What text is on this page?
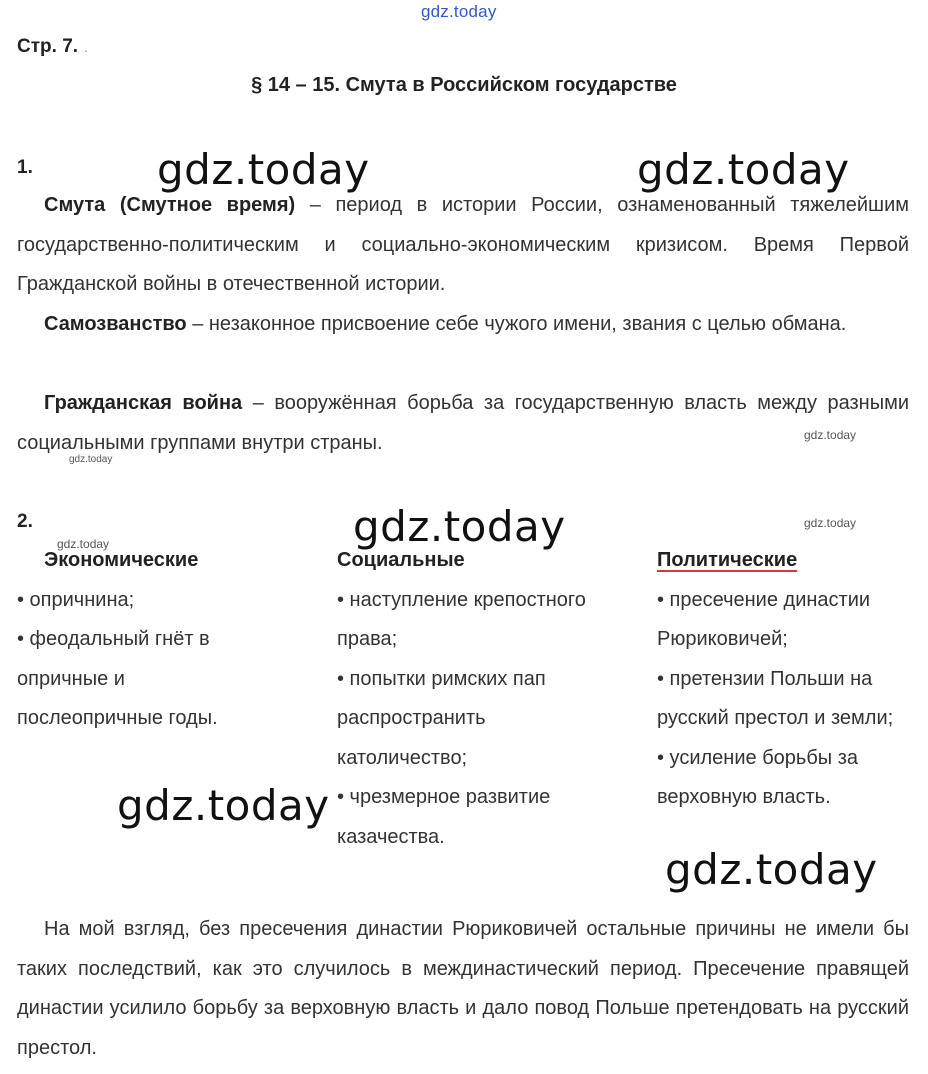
gdz.today
Стр. 7. .
§ 14 – 15. Смута в Российском государстве
1.	gdz.today	gdz.today

Смута (Смутное время) – период в истории России, ознаменованный тяжелейшим государственно-политическим и социально-экономическим кризисом. Время Первой Гражданской войны в отечественной истории.

Самозванство – незаконное присвоение себе чужого имени, звания с целью обмана.

Гражданская война – вооружённая борьба за государственную власть между разными социальными группами внутри страны.	gdz.today
gdz.today
2.	gdz.today	gdz.today
gdz.today
Экономические
• опричнина;
• феодальный гнёт в опричные и послеопричные годы.
Социальные
• наступление крепостного права;
• попытки римских пап распространить католичество;
• чрезмерное развитие казачества.
Политические
• пресечение династии Рюриковичей;
• претензии Польши на русский престол и земли;
• усиление борьбы за верховную власть.
gdz.today
gdz.today

На мой взгляд, без пресечения династии Рюриковичей остальные причины не имели бы таких последствий, как это случилось в междинастический период. Пресечение правящей династии усилило борьбу за верховную власть и дало повод Польше претендовать на русский престол.
